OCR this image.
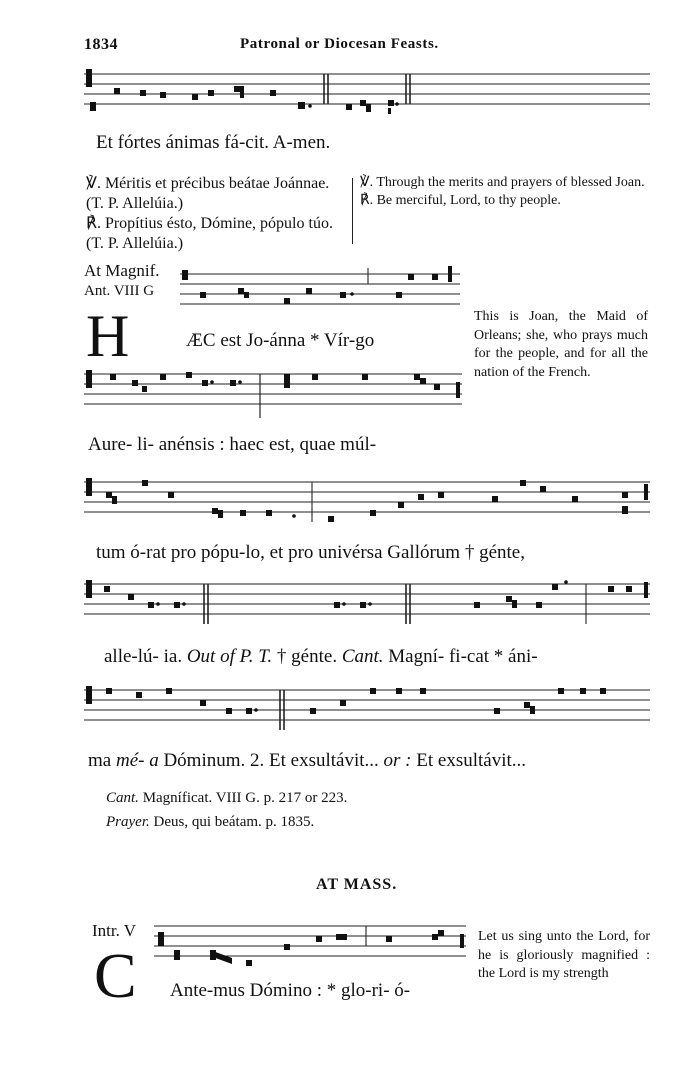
1834	Patronal or Diocesan Feasts.
Et fórtes ánimas fá-cit. A-men.

℣. Méritis et précibus beátae Joánnae. (T. P. Allelúia.)

℟. Propítius ésto, Dómine, pópulo túo. (T. P. Allelúia.)

℣. Through the merits and prayers of blessed Joan.

℟. Be merciful, Lord, to thy people.

At Magnif.
Ant. VIII G
H	ÆC est Jo-ánna * Vír-go
This is Joan, the Maid of Orleans; she, who prays much for the people, and for all the nation of the French.
Aure- li- anénsis : haec est, quae múl-
tum ó-rat pro pópu-lo, et pro univérsa Gallórum † génte,
alle-lú- ia. Out of P. T. † génte. Cant. Magní- fi-cat * áni-
ma mé- a Dóminum. 2. Et exsultávit... or : Et exsultávit...
Cant. Magníficat. VIII G. p. 217 or 223.
Prayer. Deus, qui beátam. p. 1835.
AT MASS.
Intr. V
C Ante-mus Dómino : * glo-ri- ó-
Let us sing unto the Lord, for he is gloriously magnified : the Lord is my strength
